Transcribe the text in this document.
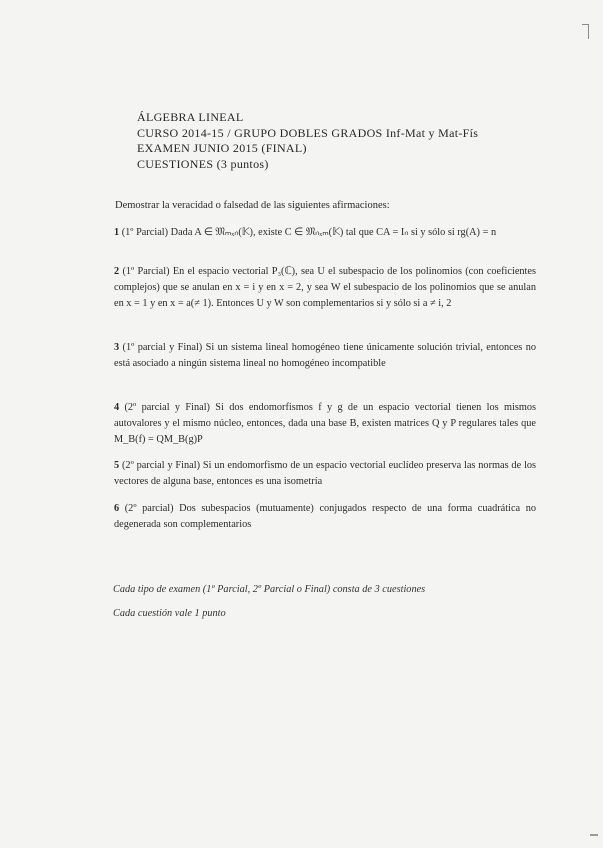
ÁLGEBRA LINEAL
CURSO 2014-15 / GRUPO DOBLES GRADOS Inf-Mat y Mat-Fís
EXAMEN JUNIO 2015 (FINAL)
CUESTIONES (3 puntos)
Demostrar la veracidad o falsedad de las siguientes afirmaciones:
1 (1º Parcial) Dada A ∈ 𝔐ₘₓₙ(𝕂), existe C ∈ 𝔐ₙₓₘ(𝕂) tal que CA = Iₙ si y sólo si rg(A) = n
2 (1º Parcial) En el espacio vectorial P₃(ℂ), sea U el subespacio de los polinomios (con coeficientes complejos) que se anulan en x = i y en x = 2, y sea W el subespacio de los polinomios que se anulan en x = 1 y en x = a(≠ 1). Entonces U y W son complementarios si y sólo si a ≠ i, 2
3 (1º parcial y Final) Si un sistema lineal homogéneo tiene únicamente solución trivial, entonces no está asociado a ningún sistema lineal no homogéneo incompatible
4 (2º parcial y Final) Si dos endomorfismos f y g de un espacio vectorial tienen los mismos autovalores y el mismo núcleo, entonces, dada una base B, existen matrices Q y P regulares tales que M_B(f) = QM_B(g)P
5 (2º parcial y Final) Si un endomorfismo de un espacio vectorial euclídeo preserva las normas de los vectores de alguna base, entonces es una isometría
6 (2º parcial) Dos subespacios (mutuamente) conjugados respecto de una forma cuadrática no degenerada son complementarios
Cada tipo de examen (1º Parcial, 2º Parcial o Final) consta de 3 cuestiones
Cada cuestión vale 1 punto
